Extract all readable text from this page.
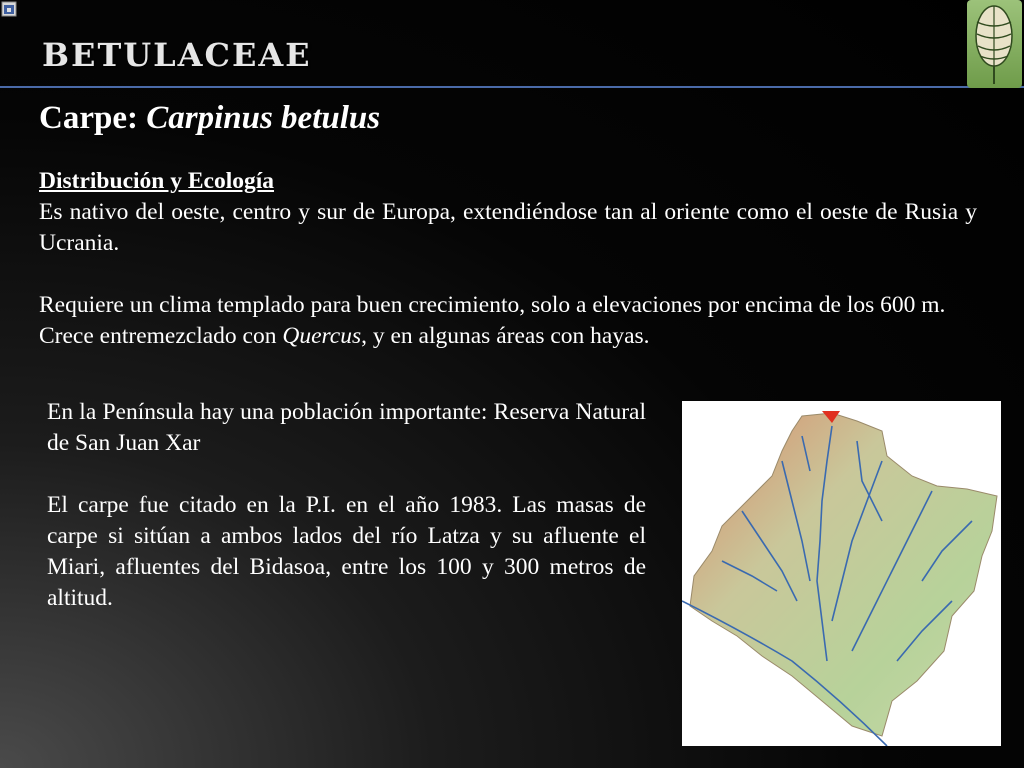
BETULACEAE
Carpe: Carpinus betulus

Distribución y Ecología

Es nativo del oeste, centro y sur de Europa, extendiéndose tan al oriente como el oeste de Rusia y Ucrania.

Requiere un clima templado para buen crecimiento, solo a elevaciones por encima de los 600 m.

Crece entremezclado con Quercus, y en algunas áreas con hayas.

En la Península hay una población importante: Reserva Natural de San Juan Xar

El carpe fue citado en la P.I. en el año 1983. Las masas de carpe si sitúan a ambos lados del río Latza y su afluente el Miari, afluentes del Bidasoa, entre los 100 y 300 metros de altitud.
